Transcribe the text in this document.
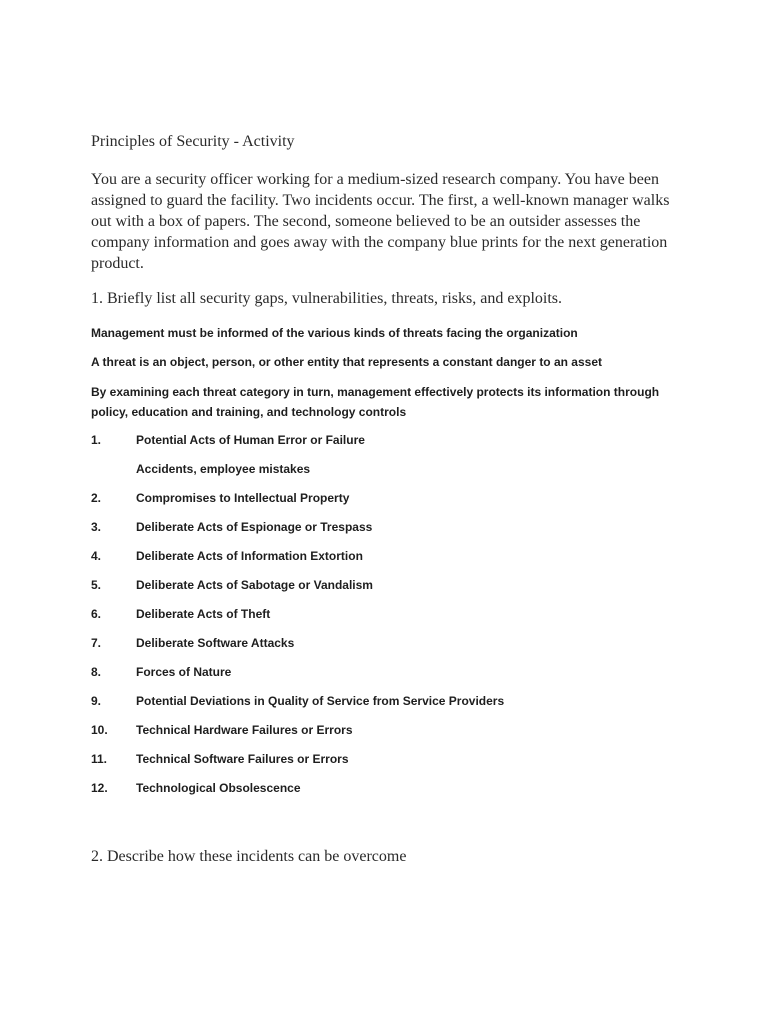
Principles of Security - Activity
You are a security officer working for a medium-sized research company. You have been assigned to guard the facility. Two incidents occur. The first, a well-known manager walks out with a box of papers. The second, someone believed to be an outsider assesses the company information and goes away with the company blue prints for the next generation product.
1. Briefly list all security gaps, vulnerabilities, threats, risks, and exploits.
Management must be informed of the various kinds of threats facing the organization
A threat is an object, person, or other entity that represents a constant danger to an asset
By examining each threat category in turn, management effectively protects its information through policy, education and training, and technology controls
1.	Potential Acts of Human Error or Failure
2.	Compromises to Intellectual Property
3.	Deliberate Acts of Espionage or Trespass
4.	Deliberate Acts of Information Extortion
5.	Deliberate Acts of Sabotage or Vandalism
6.	Deliberate Acts of Theft
7.	Deliberate Software Attacks
8.	Forces of Nature
9.	Potential Deviations in Quality of Service from Service Providers
10. Technical Hardware Failures or Errors
11. Technical Software Failures or Errors
12. Technological Obsolescence
Accidents, employee mistakes
2. Describe how these incidents can be overcome
